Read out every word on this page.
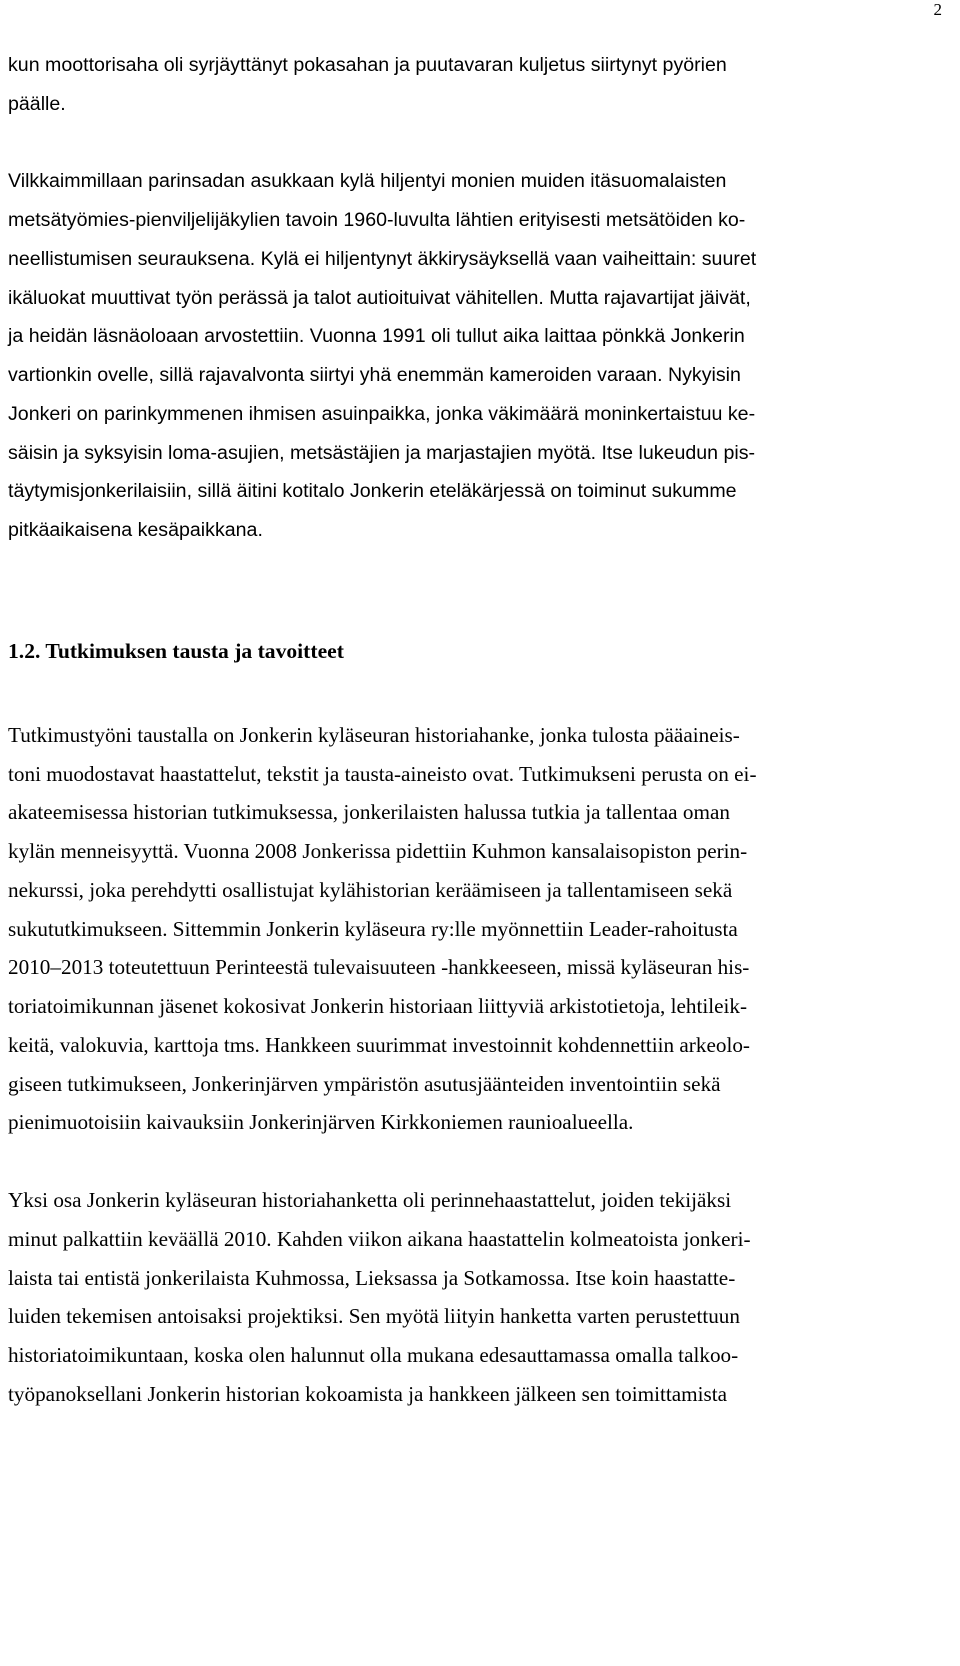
2
kun moottorisaha oli syrjäyttänyt pokasahan ja puutavaran kuljetus siirtynyt pyörien
päälle.
Vilkkaimmillaan parinsadan asukkaan kylä hiljentyi monien muiden itäsuomalaisten
metsätyömies-pienviljelijäkylien tavoin 1960-luvulta lähtien erityisesti metsätöiden ko-
neellistumisen seurauksena. Kylä ei hiljentynyt äkkirysäyksellä vaan vaiheittain: suuret
ikäluokat muuttivat työn perässä ja talot autioituivat vähitellen. Mutta rajavartijat jäivät,
ja heidän läsnäoloaan arvostettiin. Vuonna 1991 oli tullut aika laittaa pönkkä Jonkerin
vartionkin ovelle, sillä rajavalvonta siirtyi yhä enemmän kameroiden varaan. Nykyisin
Jonkeri on parinkymmenen ihmisen asuinpaikka, jonka väkimäärä moninkertaistuu ke-
säisin ja syksyisin loma-asujien, metsästäjien ja marjastajien myötä. Itse lukeudun pis-
täytymisjonkerilaisiin, sillä äitini kotitalo Jonkerin eteläkärjessä on toiminut sukumme
pitkäaikaisena kesäpaikkana.
1.2. Tutkimuksen tausta ja tavoitteet
Tutkimustyöni taustalla on Jonkerin kyläseuran historiahanke, jonka tulosta pääaineis-
toni muodostavat haastattelut, tekstit ja tausta-aineisto ovat. Tutkimukseni perusta on ei-
akateemisessa historian tutkimuksessa, jonkerilaisten halussa tutkia ja tallentaa oman
kylän menneisyyttä. Vuonna 2008 Jonkerissa pidettiin Kuhmon kansalaisopiston perin-
nekurssi, joka perehdytti osallistujat kylähistorian keräämiseen ja tallentamiseen sekä
sukututkimukseen. Sittemmin Jonkerin kyläseura ry:lle myönnettiin Leader-rahoitusta
2010–2013 toteutettuun Perinteestä tulevaisuuteen -hankkeeseen, missä kyläseuran his-
toriatoimikunnan jäsenet kokosivat Jonkerin historiaan liittyviä arkistotietoja, lehtileik-
keitä, valokuvia, karttoja tms. Hankkeen suurimmat investoinnit kohdennettiin arkeolo-
giseen tutkimukseen, Jonkerinjärven ympäristön asutusjäänteiden inventointiin sekä
pienimuotoisiin kaivauksiin Jonkerinjärven Kirkkoniemen raunioalueella.
Yksi osa Jonkerin kyläseuran historiahanketta oli perinnehaastattelut, joiden tekijäksi
minut palkattiin keväällä 2010. Kahden viikon aikana haastattelin kolmeatoista jonkeri-
laista tai entistä jonkerilaista Kuhmossa, Lieksassa ja Sotkamossa. Itse koin haastatte-
luiden tekemisen antoisaksi projektiksi. Sen myötä liityin hanketta varten perustettuun
historiatoimikuntaan, koska olen halunnut olla mukana edesauttamassa omalla talkoo-
työpanoksellani Jonkerin historian kokoamista ja hankkeen jälkeen sen toimittamista
